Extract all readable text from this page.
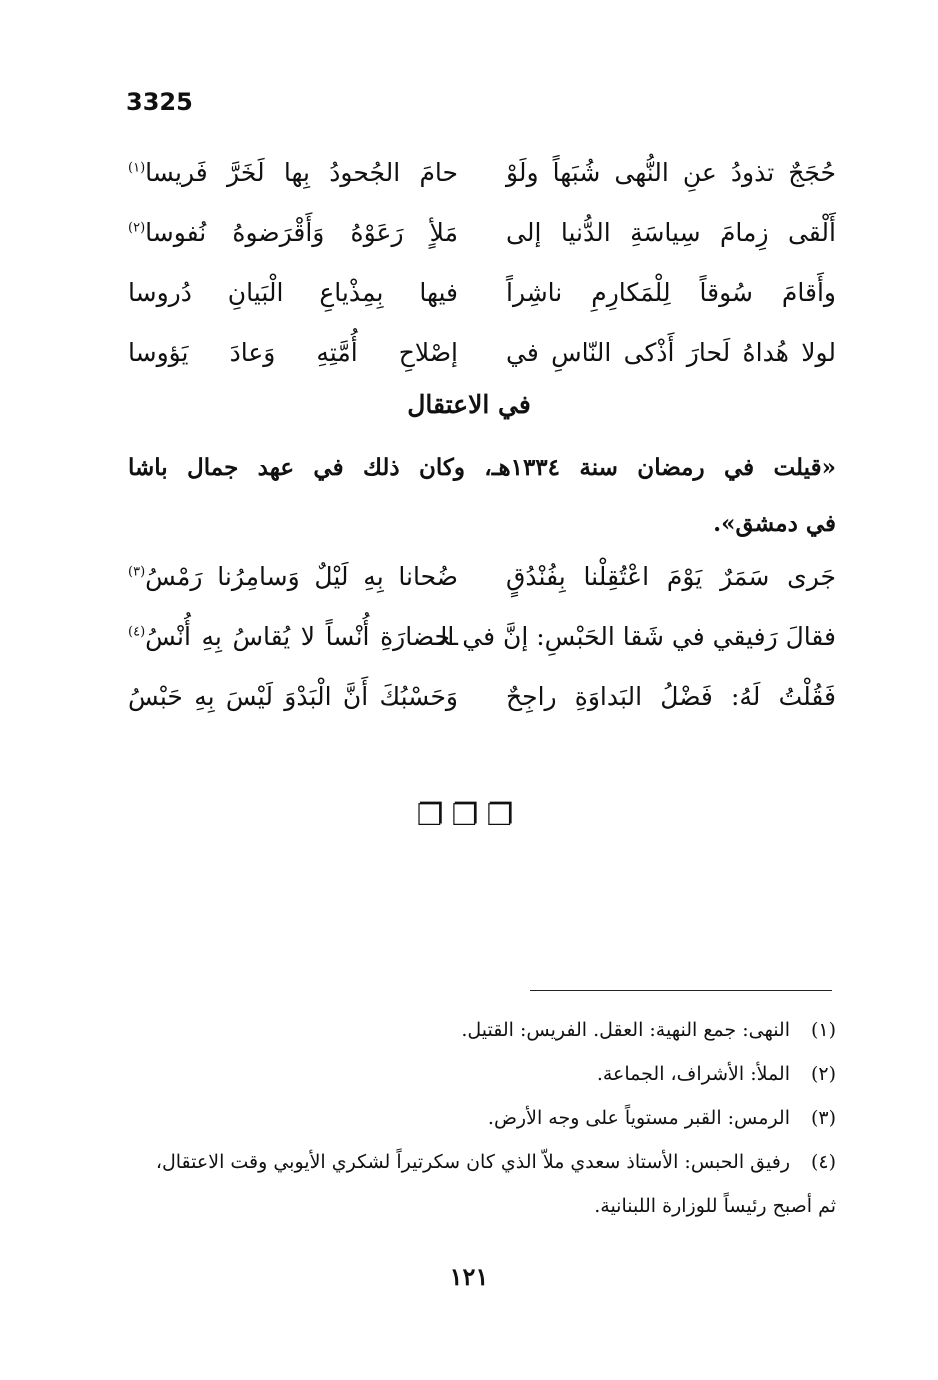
3325
حُجَجٌ تذودُ عنِ النُّهى شُبَهاً ولَوْ
حامَ الجُحودُ بِها لَخَرَّ فَريسا$^{(١)}$
أَلْقى زِمامَ سِياسَةِ الدُّنيا إلى
مَلأٍ رَعَوْهُ وَأَقْرَضوهُ نُفوسا$^{(٢)}$
وأَقامَ سُوقاً لِلْمَكارِمِ ناشِراً
فيها بِمِذْياعِ الْبَيانِ دُروسا
لولا هُداهُ لَحارَ أَذْكى النّاسِ في
إصْلاحِ أُمَّتِهِ وَعادَ يَؤوسا
في الاعتقال
«قيلت في رمضان سنة ١٣٣٤هـ، وكان ذلك في عهد جمال باشا
في دمشق».
جَرى سَمَرٌ يَوْمَ اعْتُقِلْنا بِفُنْدُقٍ
ضُحانا بِهِ لَيْلٌ وَسامِرُنا رَمْسُ$^{(٣)}$
فقالَ رَفيقي في شَقا الحَبْسِ: إنَّ في الـ
ـحضارَةِ أُنْساً لا يُقاسُ بِهِ أُنْسُ$^{(٤)}$
فَقُلْتُ لَهُ: فَضْلُ البَداوَةِ راجِحٌ
وَحَسْبُكَ أَنَّ الْبَدْوَ لَيْسَ بِهِ حَبْسُ
❐❐❐
(١)النهى: جمع النهية: العقل. الفريس: القتيل.
(٢)الملأ: الأشراف، الجماعة.
(٣)الرمس: القبر مستوياً على وجه الأرض.
(٤)رفيق الحبس: الأستاذ سعدي ملاّ الذي كان سكرتيراً لشكري الأيوبي وقت الاعتقال،
ثم أصبح رئيساً للوزارة اللبنانية.
١٢١
